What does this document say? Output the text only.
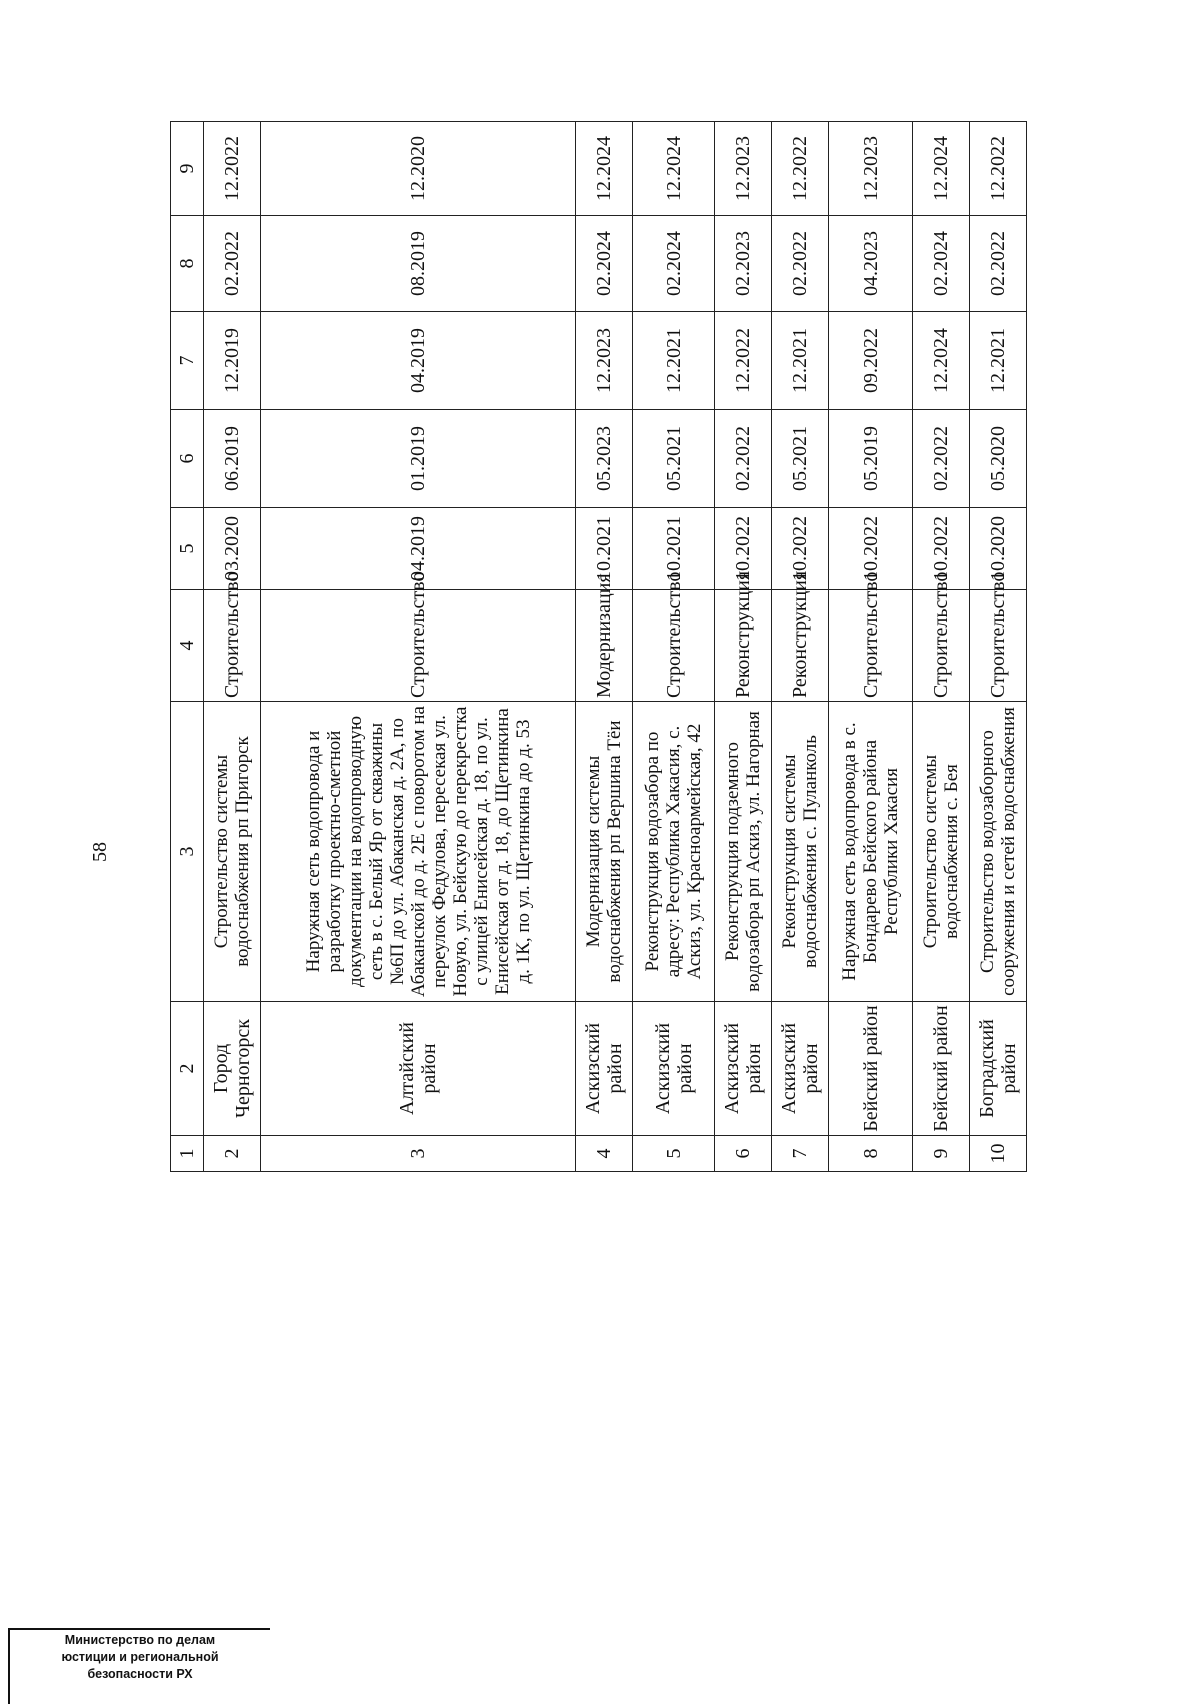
58
1	2	3	4	5	6	7	8	9
2	Город Черногорск	Строительство системы водоснабжения рп Пригорск	Строительство	03.2020	06.2019	12.2019	02.2022	12.2022
3	Алтайский район	Наружная сеть водопровода и разработку проектно-сметной документации на водопроводную сеть в с. Белый Яр от скважины №6П до ул. Абаканская д. 2А, по Абаканской до д. 2Е с поворотом на переулок Федулова, пересекая ул. Новую, ул. Бейскую до перекрестка с улицей Енисейская д. 18, по ул. Енисейская от д. 18, до Щетинкина д. 1К, по ул. Щетинкина до д. 53	Строительство	04.2019	01.2019	04.2019	08.2019	12.2020
4	Аскизский район	Модернизация системы водоснабжения рп Вершина Тёи	Модернизация	10.2021	05.2023	12.2023	02.2024	12.2024
5	Аскизский район	Реконструкция водозабора по адресу: Республика Хакасия, с. Аскиз, ул. Красноармейская, 42	Строительство	10.2021	05.2021	12.2021	02.2024	12.2024
6	Аскизский район	Реконструкция подземного водозабора рп Аскиз, ул. Нагорная	Реконструкция	10.2022	02.2022	12.2022	02.2023	12.2023
7	Аскизский район	Реконструкция системы водоснабжения с. Пуланколь	Реконструкция	10.2022	05.2021	12.2021	02.2022	12.2022
8	Бейский район	Наружная сеть водопровода в с. Бондарево Бейского района Республики Хакасия	Строительство	10.2022	05.2019	09.2022	04.2023	12.2023
9	Бейский район	Строительство системы водоснабжения с. Бея	Строительство	10.2022	02.2022	12.2024	02.2024	12.2024
10	Боградский район	Строительство водозаборного сооружения и сетей водоснабжения	Строительство	10.2020	05.2020	12.2021	02.2022	12.2022
Министерство по делам
юстиции и региональной
безопасности РХ
